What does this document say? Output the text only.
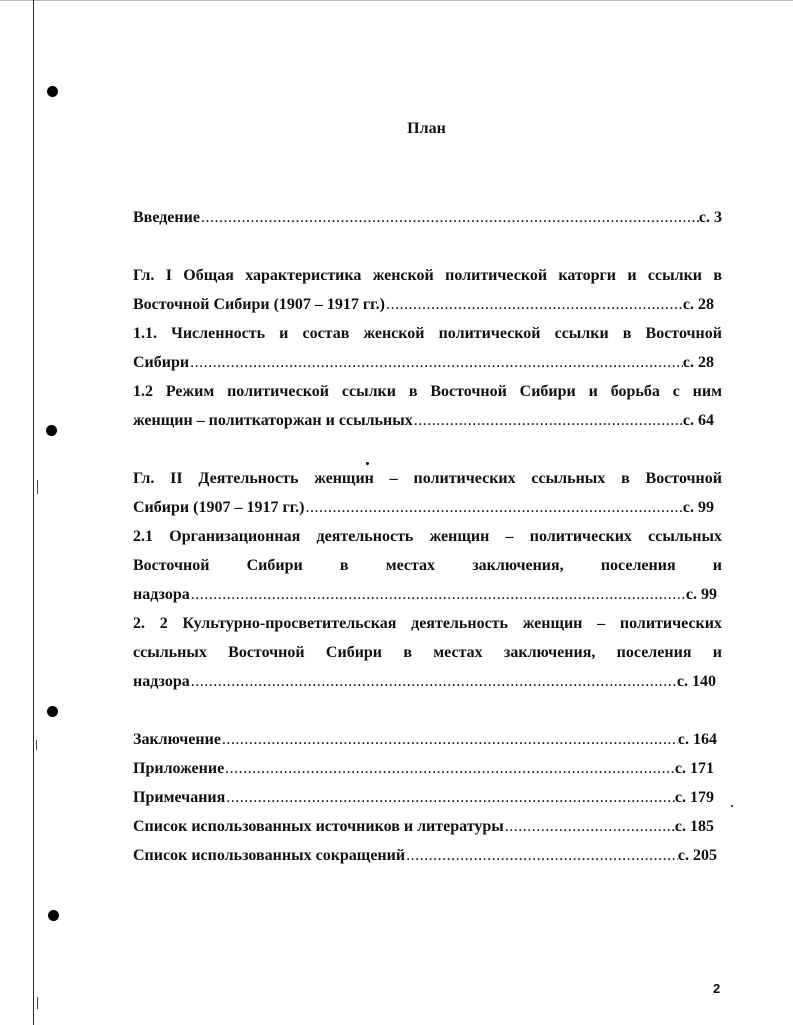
План
Введение .....	с. 3
Гл. I Общая характеристика женской политической каторги и ссылки в
Восточной Сибири (1907 – 1917 гг.) .....	с. 28
1.1. Численность и состав женской политической ссылки в Восточной
Сибири .....	с. 28
1.2 Режим политической ссылки в Восточной Сибири и борьба с ним
женщин – политкаторжан и ссыльных .....	с. 64
Гл. II Деятельность женщин – политических ссыльных в Восточной
Сибири (1907 – 1917 гг.) .....	с. 99
2.1 Организационная деятельность женщин – политических ссыльных
Восточной Сибири в местах заключения, поселения и
надзора .....	с. 99
2. 2 Культурно-просветительская деятельность женщин – политических
ссыльных Восточной Сибири в местах заключения, поселения и
надзора .....	с. 140
Заключение .....	с. 164
Приложение .....	с. 171
Примечания .....	с. 179
Список использованных источников и литературы .....	с. 185
Список использованных сокращений .....	с. 205
2
